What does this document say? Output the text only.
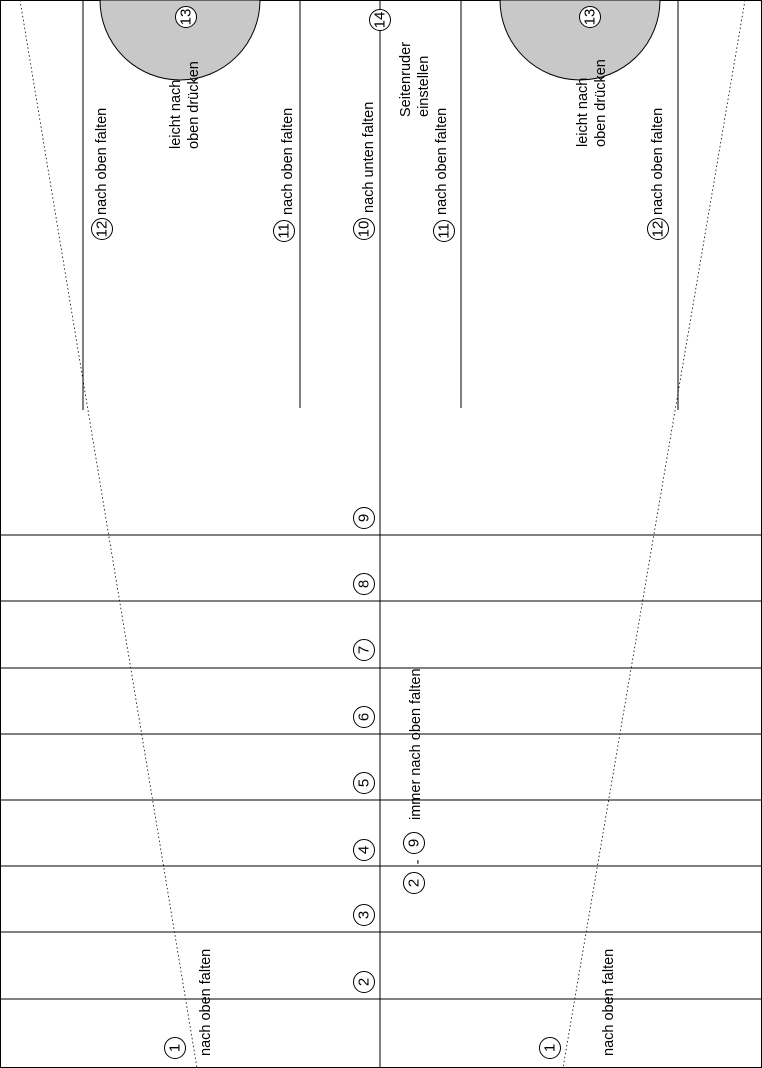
1	1
2
3
4
5
6
7
8
9
10
11	11
12	12
13	13
14
2
-
9
immer nach oben falten
nach oben falten	nach oben falten
nach oben falten	nach oben falten
nach oben falten	nach oben falten
nach unten falten
leicht nach oben drücken	leicht nach oben drücken
Seitenruder einstellen
